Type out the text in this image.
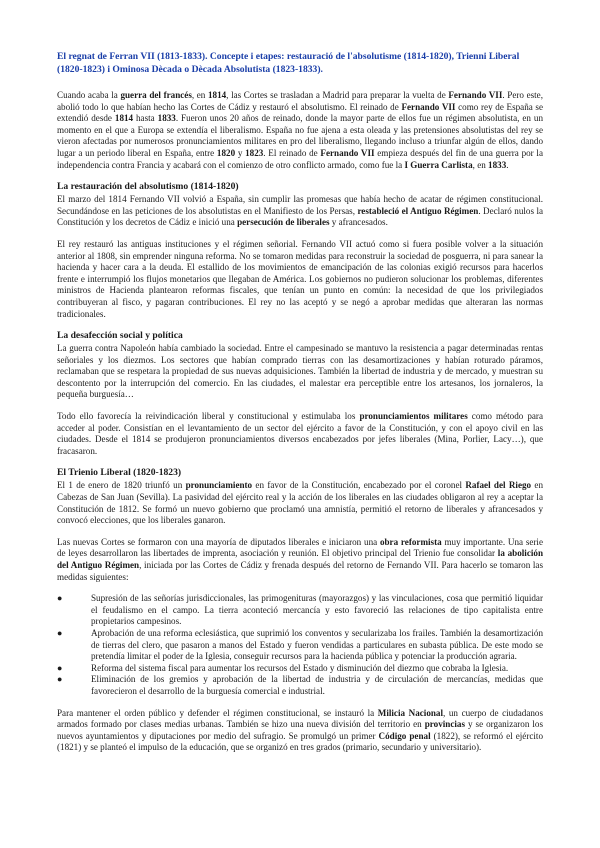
El regnat de Ferran VII (1813-1833). Concepte i etapes: restauració de l'absolutisme (1814-1820), Trienni Liberal (1820-1823) i Ominosa Dècada o Dècada Absolutista (1823-1833).

Cuando acaba la guerra del francés, en 1814, las Cortes se trasladan a Madrid para preparar la vuelta de Fernando VII. Pero este, abolió todo lo que habían hecho las Cortes de Cádiz y restauró el absolutismo. El reinado de Fernando VII como rey de España se extendió desde 1814 hasta 1833. Fueron unos 20 años de reinado, donde la mayor parte de ellos fue un régimen absolutista, en un momento en el que a Europa se extendía el liberalismo. España no fue ajena a esta oleada y las pretensiones absolutistas del rey se vieron afectadas por numerosos pronunciamientos militares en pro del liberalismo, llegando incluso a triunfar algún de ellos, dando lugar a un periodo liberal en España, entre 1820 y 1823. El reinado de Fernando VII empieza después del fin de una guerra por la independencia contra Francia y acabará con el comienzo de otro conflicto armado, como fue la I Guerra Carlista, en 1833.

La restauración del absolutismo (1814-1820)

El marzo del 1814 Fernando VII volvió a España, sin cumplir las promesas que había hecho de acatar de régimen constitucional. Secundándose en las peticiones de los absolutistas en el Manifiesto de los Persas, restableció el Antiguo Régimen. Declaró nulos la Constitución y los decretos de Cádiz e inició una persecución de liberales y afrancesados.

El rey restauró las antiguas instituciones y el régimen señorial. Fernando VII actuó como si fuera posible volver a la situación anterior al 1808, sin emprender ninguna reforma. No se tomaron medidas para reconstruir la sociedad de posguerra, ni para sanear la hacienda y hacer cara a la deuda. El estallido de los movimientos de emancipación de las colonias exigió recursos para hacerlos frente e interrumpió los flujos monetarios que llegaban de América. Los gobiernos no pudieron solucionar los problemas, diferentes ministros de Hacienda plantearon reformas fiscales, que tenían un punto en común: la necesidad de que los privilegiados contribuyeran al fisco, y pagaran contribuciones. El rey no las aceptó y se negó a aprobar medidas que alteraran las normas tradicionales.

La desafección social y política

La guerra contra Napoleón había cambiado la sociedad. Entre el campesinado se mantuvo la resistencia a pagar determinadas rentas señoriales y los diezmos. Los sectores que habían comprado tierras con las desamortizaciones y habían roturado páramos, reclamaban que se respetara la propiedad de sus nuevas adquisiciones. También la libertad de industria y de mercado, y muestran su descontento por la interrupción del comercio. En las ciudades, el malestar era perceptible entre los artesanos, los jornaleros, la pequeña burguesía…

Todo ello favorecía la reivindicación liberal y constitucional y estimulaba los pronunciamientos militares como método para acceder al poder. Consistían en el levantamiento de un sector del ejército a favor de la Constitución, y con el apoyo civil en las ciudades. Desde el 1814 se produjeron pronunciamientos diversos encabezados por jefes liberales (Mina, Porlier, Lacy…), que fracasaron.

El Trienio Liberal (1820-1823)

El 1 de enero de 1820 triunfó un pronunciamiento en favor de la Constitución, encabezado por el coronel Rafael del Riego en Cabezas de San Juan (Sevilla). La pasividad del ejército real y la acción de los liberales en las ciudades obligaron al rey a aceptar la Constitución de 1812. Se formó un nuevo gobierno que proclamó una amnistía, permitió el retorno de liberales y afrancesados y convocó elecciones, que los liberales ganaron.

Las nuevas Cortes se formaron con una mayoría de diputados liberales e iniciaron una obra reformista muy importante. Una serie de leyes desarrollaron las libertades de imprenta, asociación y reunión. El objetivo principal del Trienio fue consolidar la abolición del Antiguo Régimen, iniciada por las Cortes de Cádiz y frenada después del retorno de Fernando VII. Para hacerlo se tomaron las medidas siguientes:

●	Supresión de las señorías jurisdiccionales, las primogenituras (mayorazgos) y las vinculaciones, cosa que permitió liquidar el feudalismo en el campo. La tierra aconteció mercancía y esto favoreció las relaciones de tipo capitalista entre propietarios campesinos.
●	Aprobación de una reforma eclesiástica, que suprimió los conventos y secularizaba los frailes. También la desamortización de tierras del clero, que pasaron a manos del Estado y fueron vendidas a particulares en subasta pública. De este modo se pretendía limitar el poder de la Iglesia, conseguir recursos para la hacienda pública y potenciar la producción agraria.
●	Reforma del sistema fiscal para aumentar los recursos del Estado y disminución del diezmo que cobraba la Iglesia.
●	Eliminación de los gremios y aprobación de la libertad de industria y de circulación de mercancías, medidas que favorecieron el desarrollo de la burguesía comercial e industrial.

Para mantener el orden público y defender el régimen constitucional, se instauró la Milicia Nacional, un cuerpo de ciudadanos armados formado por clases medias urbanas. También se hizo una nueva división del territorio en provincias y se organizaron los nuevos ayuntamientos y diputaciones por medio del sufragio. Se promulgó un primer Código penal (1822), se reformó el ejército (1821) y se planteó el impulso de la educación, que se organizó en tres grados (primario, secundario y universitario).
